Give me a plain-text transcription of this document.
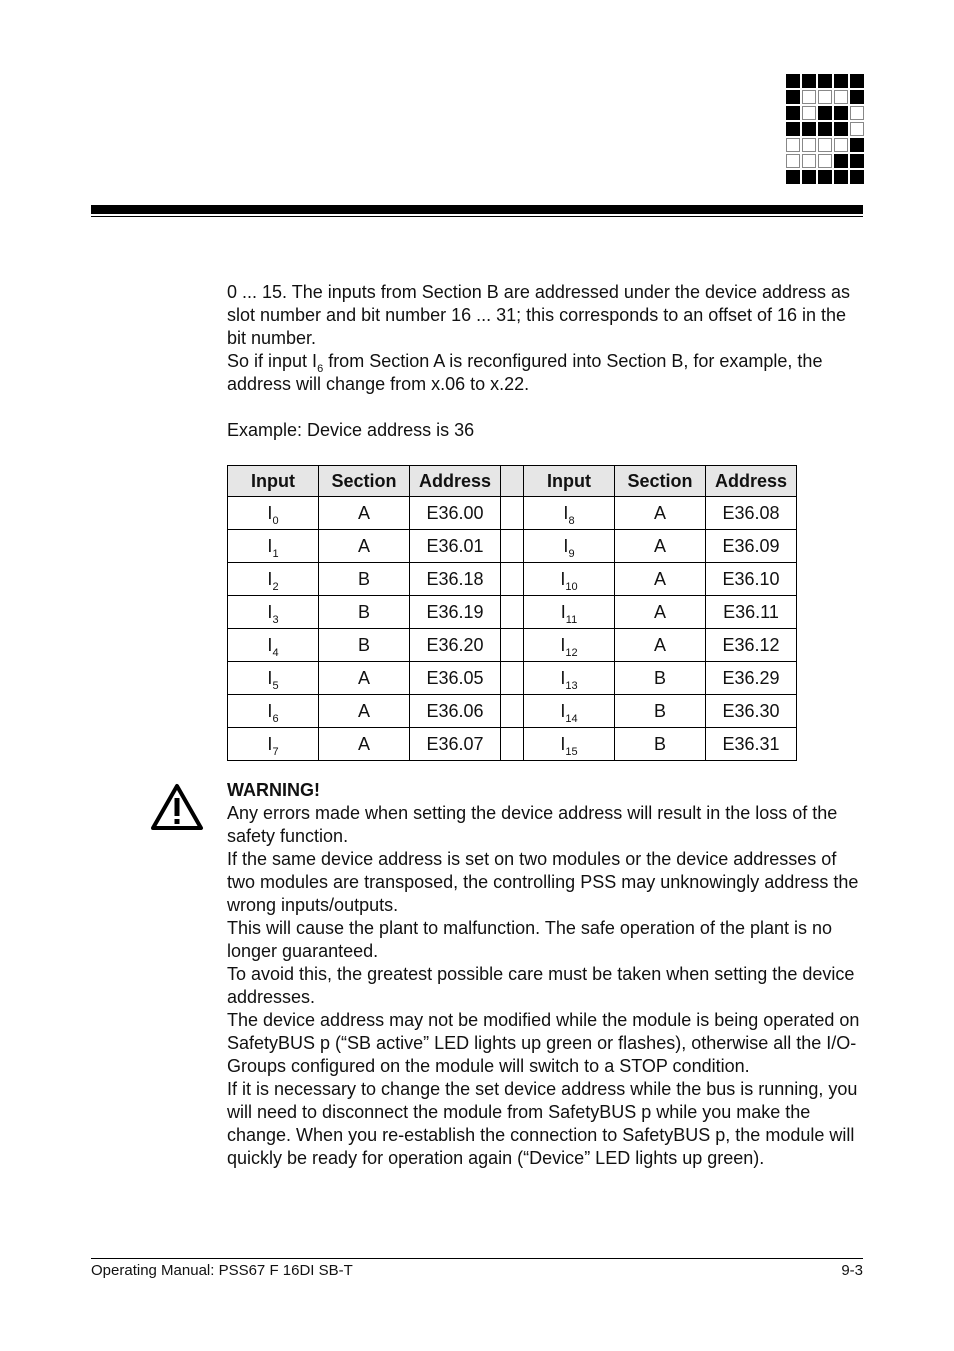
0 ... 15. The inputs from Section B are addressed under the device address as slot number and bit number 16 ... 31; this corresponds to an offset of 16 in the bit number.

So if input $I_6$ from Section A is reconfigured into Section B, for example, the address will change from x.06 to x.22.

Example: Device address is 36

Input	Section	Address		Input	Section	Address
$I_0$	A	E36.00		$I_8$	A	E36.08
$I_1$	A	E36.01		$I_9$	A	E36.09
$I_2$	B	E36.18		$I_{10}$	A	E36.10
$I_3$	B	E36.19		$I_{11}$	A	E36.11
$I_4$	B	E36.20		$I_{12}$	A	E36.12
$I_5$	A	E36.05		$I_{13}$	B	E36.29
$I_6$	A	E36.06		$I_{14}$	B	E36.30
$I_7$	A	E36.07		$I_{15}$	B	E36.31

WARNING!

Any errors made when setting the device address will result in the loss of the safety function.

If the same device address is set on two modules or the device addresses of two modules are transposed, the controlling PSS may unknowingly address the wrong inputs/outputs.

This will cause the plant to malfunction. The safe operation of the plant is no longer guaranteed.

To avoid this, the greatest possible care must be taken when setting the device addresses.

The device address may not be modified while the module is being operated on SafetyBUS p (“SB active” LED lights up green or flashes), otherwise all the I/O-Groups configured on the module will switch to a STOP condition.

If it is necessary to change the set device address while the bus is running, you will need to disconnect the module from SafetyBUS p while you make the change. When you re-establish the connection to SafetyBUS p, the module will quickly be ready for operation again (“Device” LED lights up green).

Operating Manual: PSS67 F 16DI SB-T	9-3
